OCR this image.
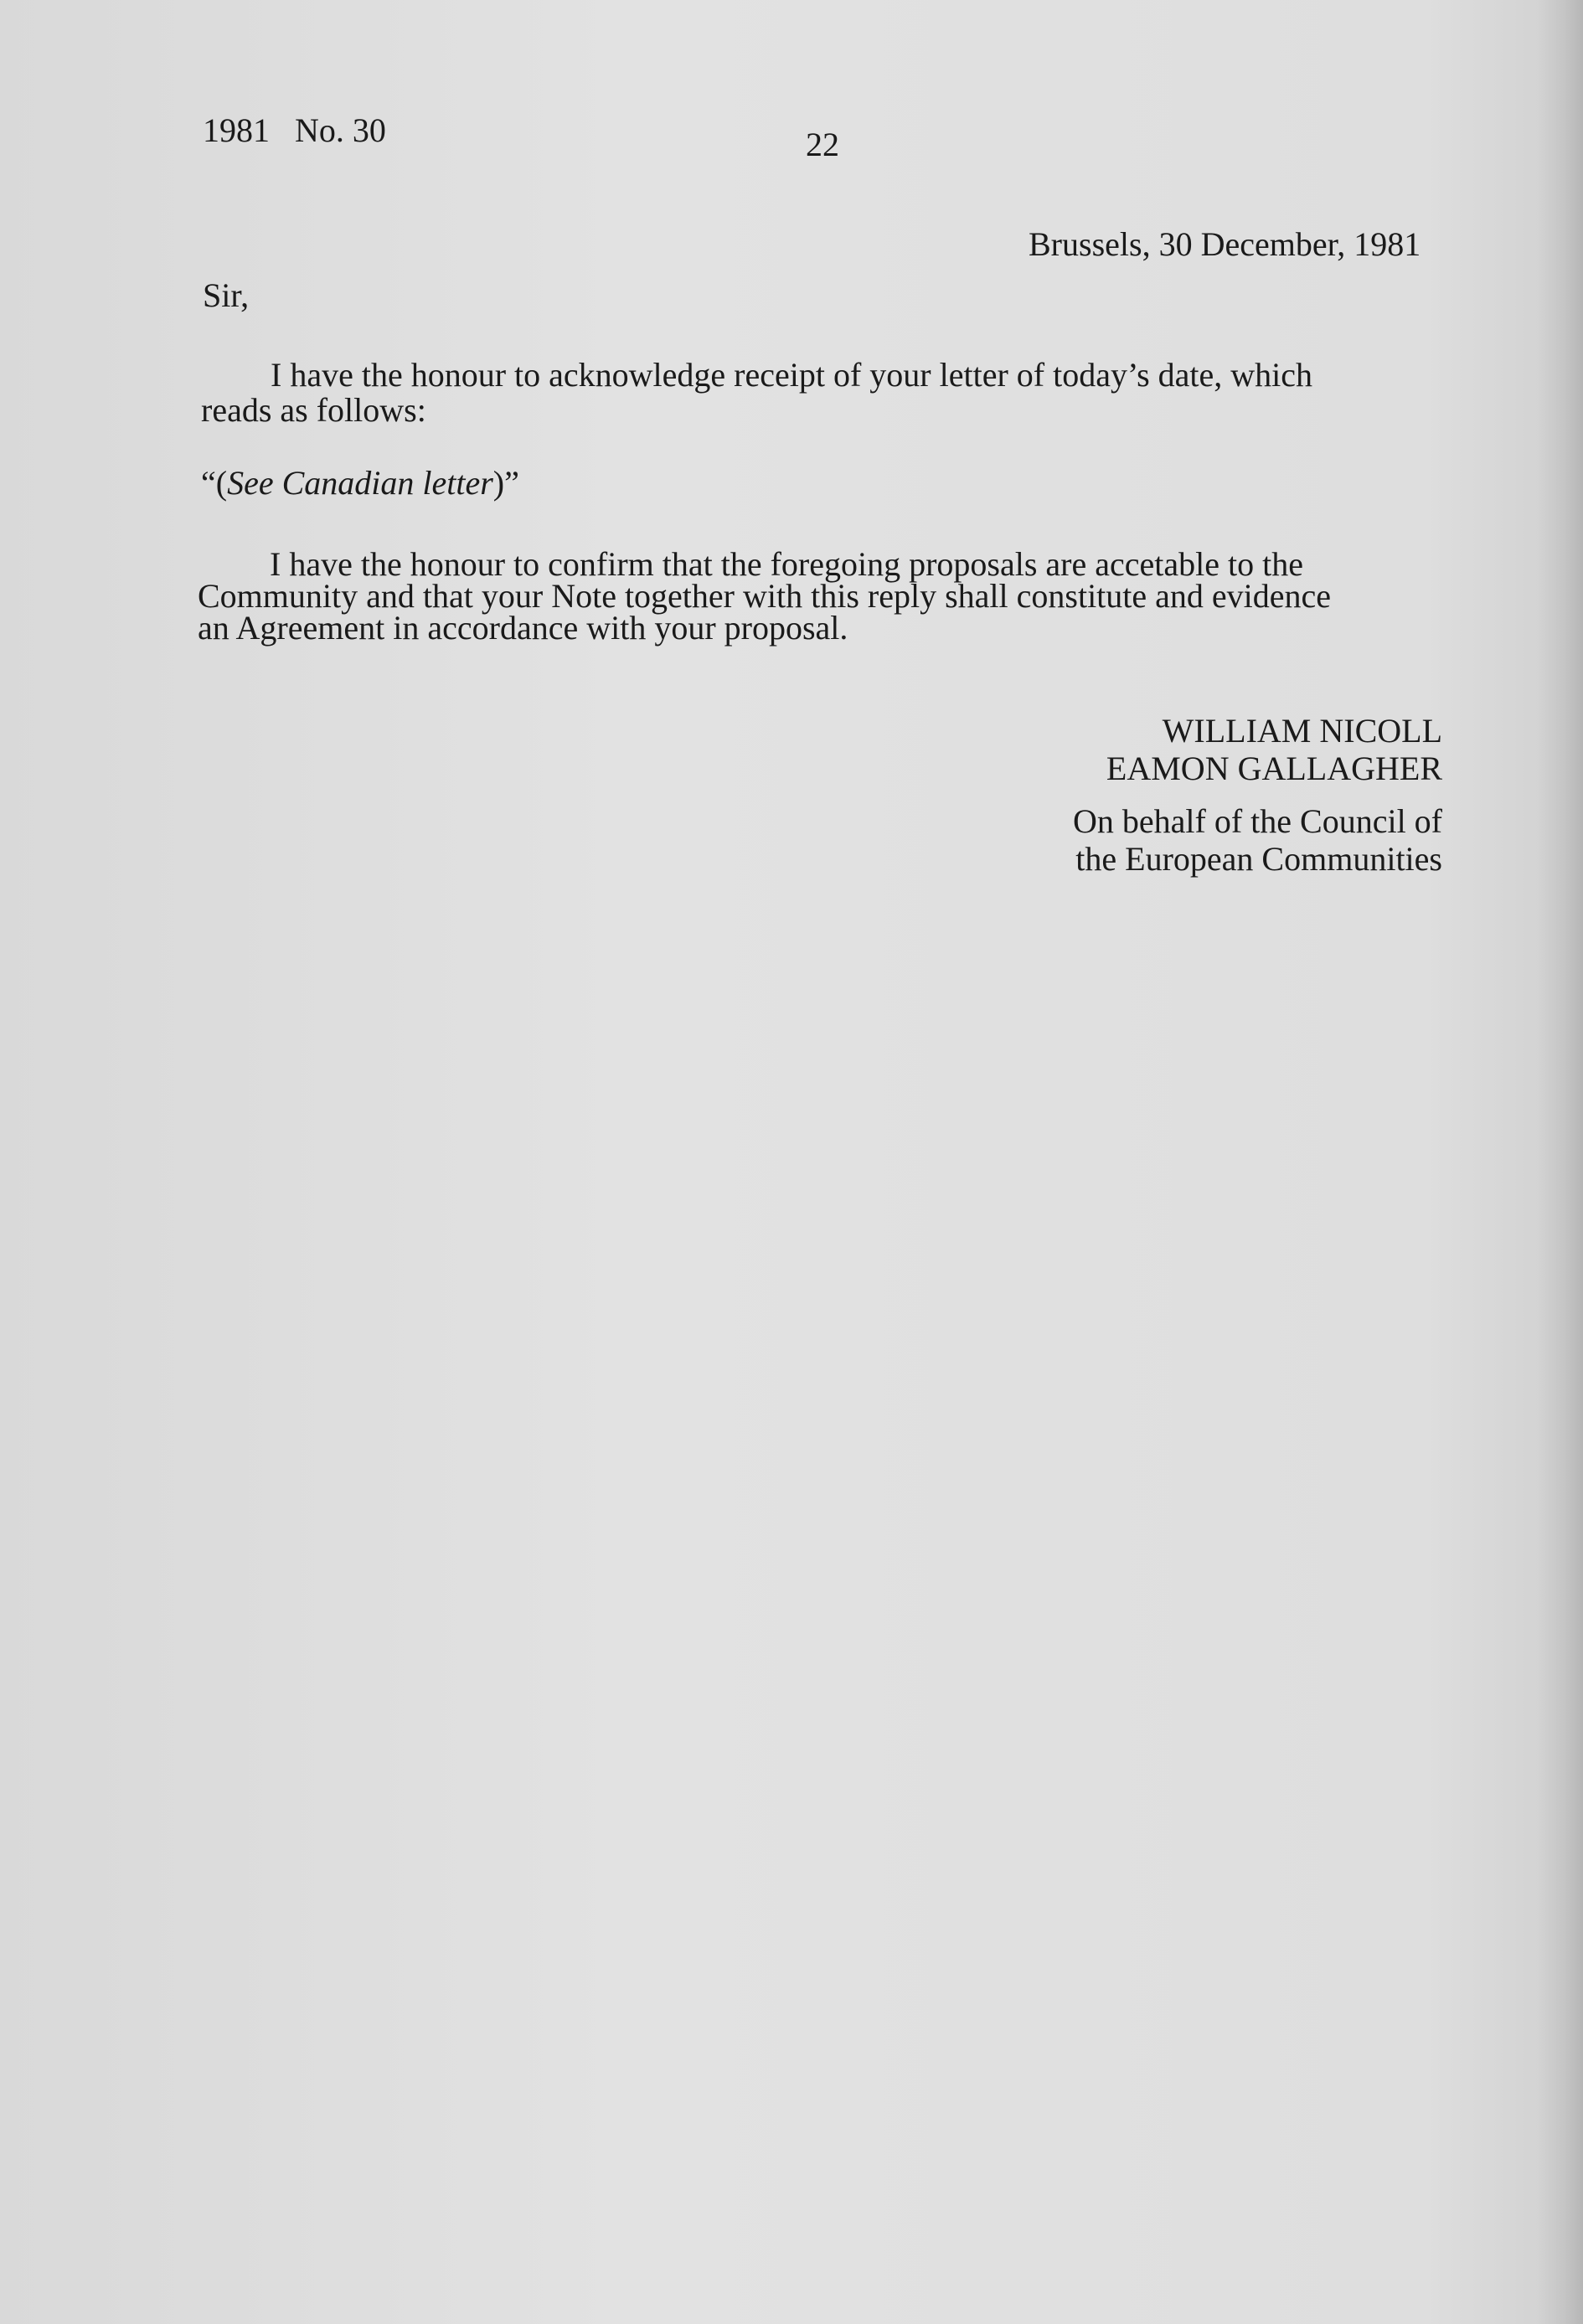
1981   No. 30	22
Brussels, 30 December, 1981
Sir,
I have the honour to acknowledge receipt of your letter of today’s date, which
reads as follows:
“(See Canadian letter)”
I have the honour to confirm that the foregoing proposals are accetable to the
Community and that your Note together with this reply shall constitute and evidence
an Agreement in accordance with your proposal.
WILLIAM NICOLL
EAMON GALLAGHER
On behalf of the Council of
the European Communities
